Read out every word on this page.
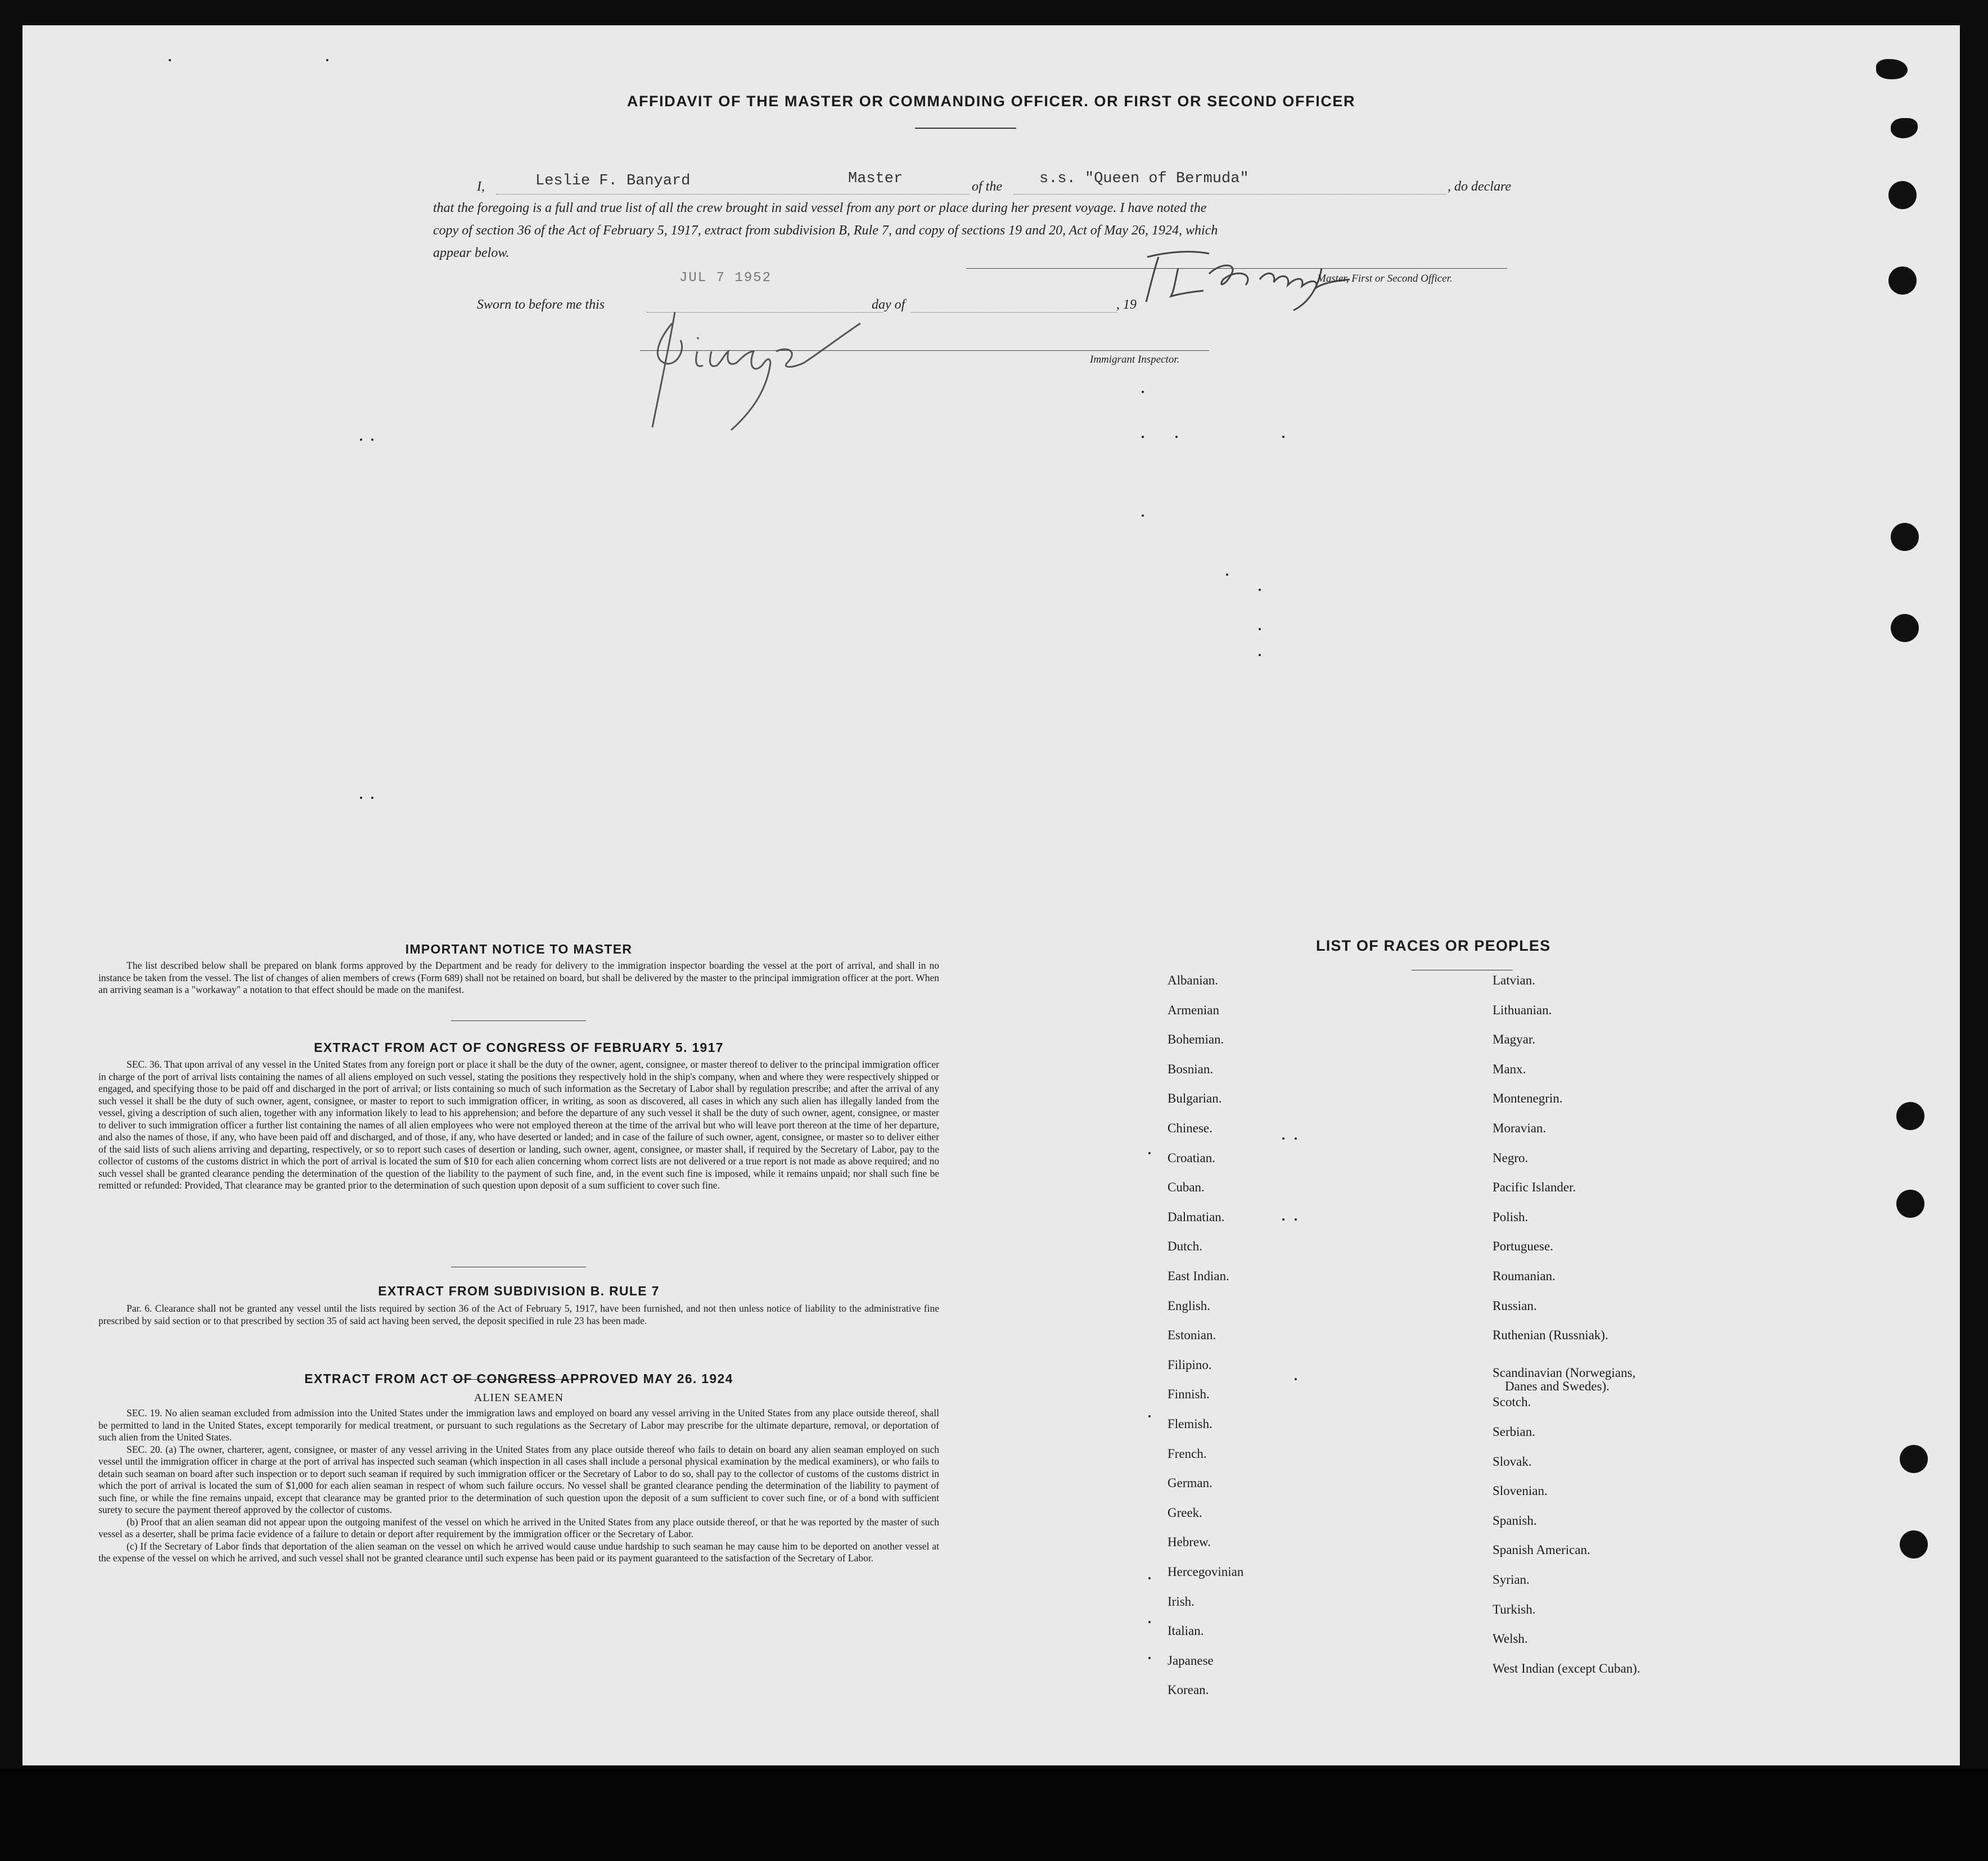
AFFIDAVIT OF THE MASTER OR COMMANDING OFFICER. OR FIRST OR SECOND OFFICER
I,	Leslie F. Banyard	Master	of the s.s. "Queen of Bermuda"	, do declare
that the foregoing is a full and true list of all the crew brought in said vessel from any port or place during her present voyage. I have noted the
copy of section 36 of the Act of February 5, 1917, extract from subdivision B, Rule 7, and copy of sections 19 and 20, Act of May 26, 1924, which
appear below.
Master, First or Second Officer.
Sworn to before me this
JUL 7 1952
day of	, 19
Immigrant Inspector.
IMPORTANT NOTICE TO MASTER
The list described below shall be prepared on blank forms approved by the Department and be ready for delivery to the immigration inspector boarding the vessel at the port of arrival, and shall in no instance be taken from the vessel. The list of changes of alien members of crews (Form 689) shall not be retained on board, but shall be delivered by the master to the principal immigration officer at the port. When an arriving seaman is a "workaway" a notation to that effect should be made on the manifest.
EXTRACT FROM ACT OF CONGRESS OF FEBRUARY 5. 1917
SEC. 36. That upon arrival of any vessel in the United States from any foreign port or place it shall be the duty of the owner, agent, consignee, or master thereof to deliver to the principal immigration officer in charge of the port of arrival lists containing the names of all aliens employed on such vessel, stating the positions they respectively hold in the ship's company, when and where they were respectively shipped or engaged, and specifying those to be paid off and discharged in the port of arrival; or lists containing so much of such information as the Secretary of Labor shall by regulation prescribe; and after the arrival of any such vessel it shall be the duty of such owner, agent, consignee, or master to report to such immigration officer, in writing, as soon as discovered, all cases in which any such alien has illegally landed from the vessel, giving a description of such alien, together with any information likely to lead to his apprehension; and before the departure of any such vessel it shall be the duty of such owner, agent, consignee, or master to deliver to such immigration officer a further list containing the names of all alien employees who were not employed thereon at the time of the arrival but who will leave port thereon at the time of her departure, and also the names of those, if any, who have been paid off and discharged, and of those, if any, who have deserted or landed; and in case of the failure of such owner, agent, consignee, or master so to deliver either of the said lists of such aliens arriving and departing, respectively, or so to report such cases of desertion or landing, such owner, agent, consignee, or master shall, if required by the Secretary of Labor, pay to the collector of customs of the customs district in which the port of arrival is located the sum of $10 for each alien concerning whom correct lists are not delivered or a true report is not made as above required; and no such vessel shall be granted clearance pending the determination of the question of the liability to the payment of such fine, and, in the event such fine is imposed, while it remains unpaid; nor shall such fine be remitted or refunded: Provided, That clearance may be granted prior to the determination of such question upon deposit of a sum sufficient to cover such fine.
EXTRACT FROM SUBDIVISION B. RULE 7
Par. 6. Clearance shall not be granted any vessel until the lists required by section 36 of the Act of February 5, 1917, have been furnished, and not then unless notice of liability to the administrative fine prescribed by said section or to that prescribed by section 35 of said act having been served, the deposit specified in rule 23 has been made.
EXTRACT FROM ACT OF CONGRESS APPROVED MAY 26. 1924
ALIEN SEAMEN
SEC. 19. No alien seaman excluded from admission into the United States under the immigration laws and employed on board any vessel arriving in the United States from any place outside thereof, shall be permitted to land in the United States, except temporarily for medical treatment, or pursuant to such regulations as the Secretary of Labor may prescribe for the ultimate departure, removal, or deportation of such alien from the United States.
SEC. 20. (a) The owner, charterer, agent, consignee, or master of any vessel arriving in the United States from any place outside thereof who fails to detain on board any alien seaman employed on such vessel until the immigration officer in charge at the port of arrival has inspected such seaman (which inspection in all cases shall include a personal physical examination by the medical examiners), or who fails to detain such seaman on board after such inspection or to deport such seaman if required by such immigration officer or the Secretary of Labor to do so, shall pay to the collector of customs of the customs district in which the port of arrival is located the sum of $1,000 for each alien seaman in respect of whom such failure occurs. No vessel shall be granted clearance pending the determination of the liability to payment of such fine, or while the fine remains unpaid, except that clearance may be granted prior to the determination of such question upon the deposit of a sum sufficient to cover such fine, or of a bond with sufficient surety to secure the payment thereof approved by the collector of customs.
(b) Proof that an alien seaman did not appear upon the outgoing manifest of the vessel on which he arrived in the United States from any place outside thereof, or that he was reported by the master of such vessel as a deserter, shall be prima facie evidence of a failure to detain or deport after requirement by the immigration officer or the Secretary of Labor.
(c) If the Secretary of Labor finds that deportation of the alien seaman on the vessel on which he arrived would cause undue hardship to such seaman he may cause him to be deported on another vessel at the expense of the vessel on which he arrived, and such vessel shall not be granted clearance until such expense has been paid or its payment guaranteed to the satisfaction of the Secretary of Labor.
LIST OF RACES OR PEOPLES
Albanian.
Armenian
Bohemian.
Bosnian.
Bulgarian.
Chinese.
Croatian.
Cuban.
Dalmatian.
Dutch.
East Indian.
English.
Estonian.
Filipino.
Finnish.
Flemish.
French.
German.
Greek.
Hebrew.
Hercegovinian
Irish.
Italian.
Japanese
Korean.
Latvian.
Lithuanian.
Magyar.
Manx.
Montenegrin.
Moravian.
Negro.
Pacific Islander.
Polish.
Portuguese.
Roumanian.
Russian.
Ruthenian (Russniak).
Scandinavian (Norwegians,
Danes and Swedes).
Scotch.
Serbian.
Slovak.
Slovenian.
Spanish.
Spanish American.
Syrian.
Turkish.
Welsh.
West Indian (except Cuban).
